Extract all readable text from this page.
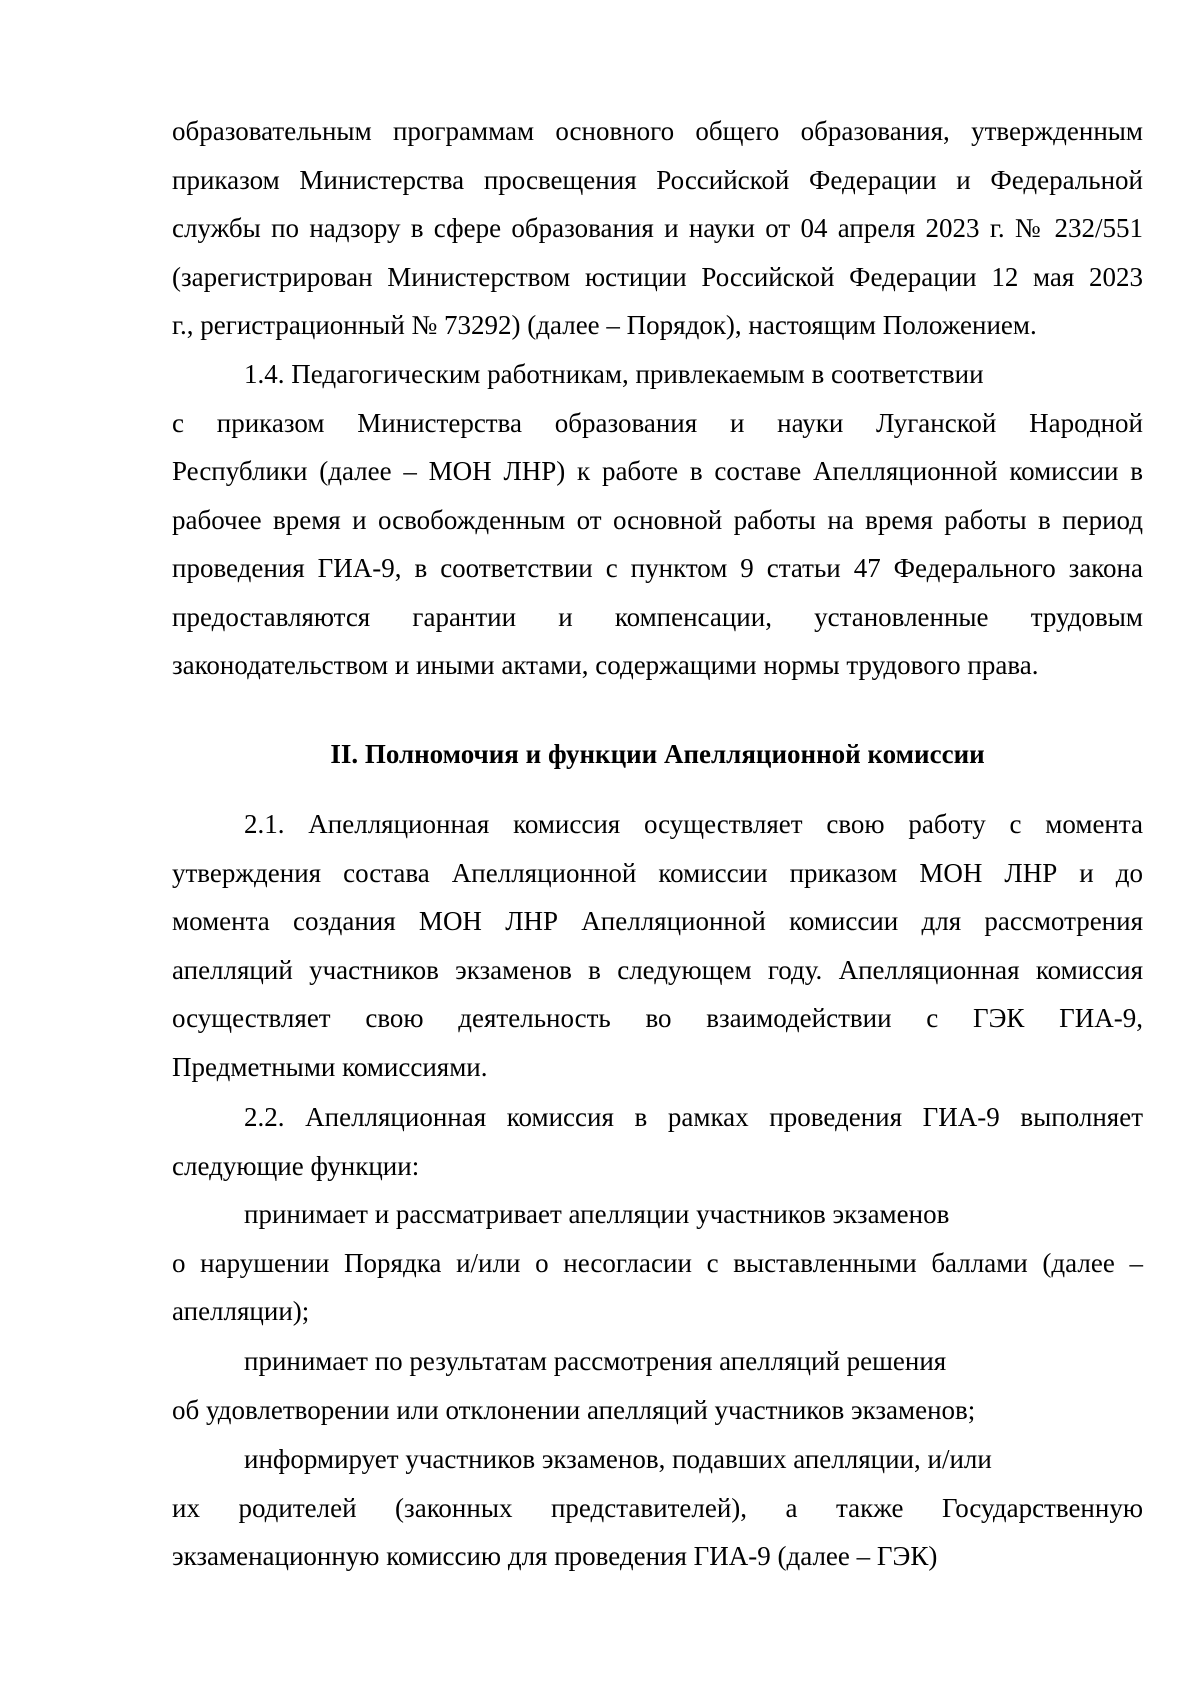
образовательным программам основного общего образования, утвержденным
приказом Министерства просвещения Российской Федерации и Федеральной
службы по надзору в сфере образования и науки от 04 апреля 2023 г. № 232/551
(зарегистрирован Министерством юстиции Российской Федерации 12 мая 2023
г., регистрационный № 73292) (далее – Порядок), настоящим Положением.
1.4. Педагогическим работникам, привлекаемым в соответствии
с приказом Министерства образования и науки Луганской Народной
Республики (далее – МОН ЛНР) к работе в составе Апелляционной комиссии в
рабочее время и освобожденным от основной работы на время работы в период
проведения ГИА-9, в соответствии с пунктом 9 статьи 47 Федерального закона
предоставляются гарантии и компенсации, установленные трудовым
законодательством и иными актами, содержащими нормы трудового права.
II. Полномочия и функции Апелляционной комиссии
2.1. Апелляционная комиссия осуществляет свою работу с момента
утверждения состава Апелляционной комиссии приказом МОН ЛНР и до
момента создания МОН ЛНР Апелляционной комиссии для рассмотрения
апелляций участников экзаменов в следующем году. Апелляционная комиссия
осуществляет свою деятельность во взаимодействии с ГЭК ГИА-9,
Предметными комиссиями.
2.2. Апелляционная комиссия в рамках проведения ГИА-9 выполняет
следующие функции:
принимает и рассматривает апелляции участников экзаменов
о нарушении Порядка и/или о несогласии с выставленными баллами (далее –
апелляции);
принимает по результатам рассмотрения апелляций решения
об удовлетворении или отклонении апелляций участников экзаменов;
информирует участников экзаменов, подавших апелляции, и/или
их родителей (законных представителей), а также Государственную
экзаменационную комиссию для проведения ГИА-9 (далее – ГЭК)
